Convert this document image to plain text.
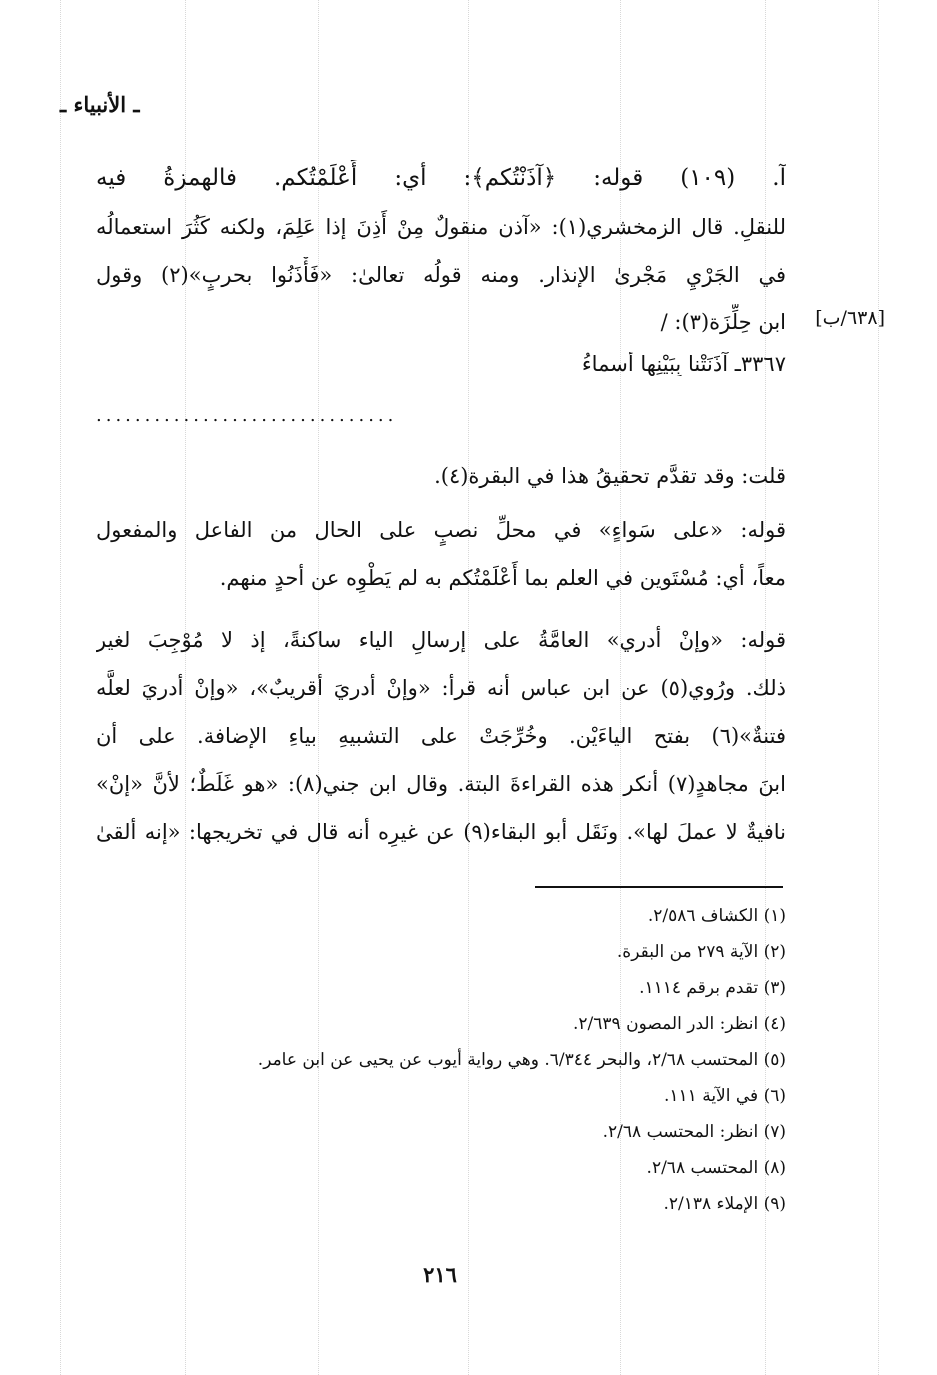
ـ الأنبياء ـ
آ. (١٠٩) قوله: ﴿آذَنْتُكم﴾: أي: أَعْلَمْتُكم. فالهمزةُ فيه
للنقلِ. قال الزمخشري(١): «آذن منقولٌ مِنْ أَذِنَ إذا عَلِمَ، ولكنه كَثُرَ استعمالُه
في الجَرْيِ مَجْرىٰ الإنذار. ومنه قولُه تعالىٰ: «فَأْذَنُوا بحربٍ»(٢) وقول
ابن حِلِّزَة(٣): /	[٦٣٨/ب]
٣٣٦٧ـ آذَنَتْنا بِبَيْنِها أسماءُ
...............................
قلت: وقد تقدَّم تحقيقُ هذا في البقرة(٤).
قوله: «على سَواءٍ» في محلِّ نصبٍ على الحال من الفاعل والمفعول
معاً، أي: مُسْتَوين في العلم بما أَعْلَمْتُكم به لم يَطْوِه عن أحدٍ منهم.
قوله: «وإنْ أدري» العامَّةُ على إرسالِ الياء ساكنةً، إذ لا مُوْجِبَ لغير
ذلك. ورُوي(٥) عن ابن عباس أنه قرأ: «وإنْ أدريَ أقريبٌ»، «وإنْ أدريَ لعلَّه
فتنةٌ»(٦) بفتح الياءَيْن. وخُرِّجَتْ على التشبيهِ بياءِ الإضافة. على أن
ابنَ مجاهدٍ(٧) أنكر هذه القراءةَ البتة. وقال ابن جني(٨): «هو غَلَطٌ؛ لأنَّ «إنْ»
نافيةٌ لا عملَ لها». ونَقَل أبو البقاء(٩) عن غيرِه أنه قال في تخريجها: «إنه ألقىٰ
(١) الكشاف ٢/٥٨٦.
(٢) الآية ٢٧٩ من البقرة.
(٣) تقدم برقم ١١١٤.
(٤) انظر: الدر المصون ٢/٦٣٩.
(٥) المحتسب ٢/٦٨، والبحر ٦/٣٤٤. وهي رواية أيوب عن يحيى عن ابن عامر.
(٦) في الآية ١١١.
(٧) انظر: المحتسب ٢/٦٨.
(٨) المحتسب ٢/٦٨.
(٩) الإملاء ٢/١٣٨.
٢١٦
